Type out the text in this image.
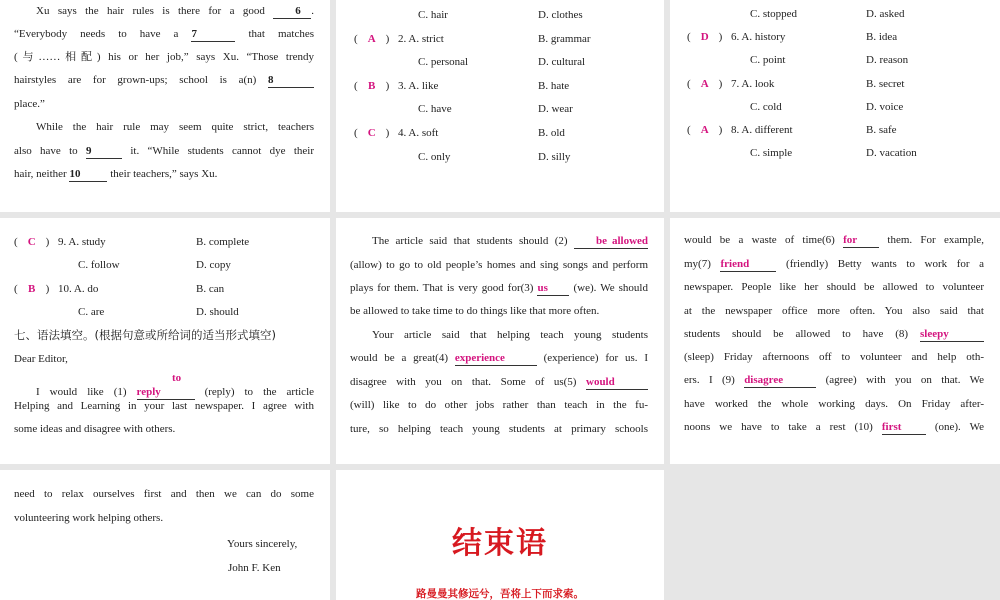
Xu says the hair rules is there for a good	6 .
“Everybody needs to have a 7	that matches
(与……相配) his or her job,” says Xu. “Those trendy
hairstyles are for grown-ups; school is a(n) 8
place.”
While the hair rule may seem quite strict, teachers
also have to 9	it. “While students cannot dye their
hair, neither 10	their teachers,” says Xu.
C. hair	D. clothes
( A ) 2. A. strict	B. grammar
C. personal	D. cultural
( B ) 3. A. like	B. hate
C. have	D. wear
( C ) 4. A. soft	B. old
C. only	D. silly
C. stopped	D. asked
( D ) 6. A. history	B. idea
C. point	D. reason
( A ) 7. A. look	B. secret
C. cold	D. voice
( A ) 8. A. different	B. safe
C. simple	D. vacation
( C ) 9. A. study	B. complete
C. follow	D. copy
( B ) 10. A. do	B. can
C. are	D. should
七、语法填空。(根据句意或所给词的适当形式填空)
Dear Editor,
I would like (1) to reply	(reply) to the article
Helping and Learning in your last newspaper. I agree with
some ideas and disagree with others.
The article said that students should (2)	be allowed
(allow) to go to old people’s homes and sing songs and perform
plays for them. That is very good for(3) us (we). We should
be allowed to take time to do things like that more often.
Your article said that helping teach young students
would be a great(4) experience	(experience) for us. I
disagree with you on that. Some of us(5) would
(will) like to do other jobs rather than teach in the fu-
ture, so helping teach young students at primary schools
would be a waste of time(6) for	them. For example,
my(7) friend	(friendly) Betty wants to work for a
newspaper. People like her should be allowed to volunteer
at the newspaper office more often. You also said that
students should be allowed to have (8) sleepy
(sleep) Friday afternoons off to volunteer and help oth-
ers. I (9) disagree	(agree) with you on that. We
have worked the whole working days. On Friday after-
noons we have to take a rest (10) first	(one). We
need to relax ourselves first and then we can do some
volunteering work helping others.
Yours sincerely,
John F. Ken
结束语
路曼曼其修远兮，吾将上下而求索。
